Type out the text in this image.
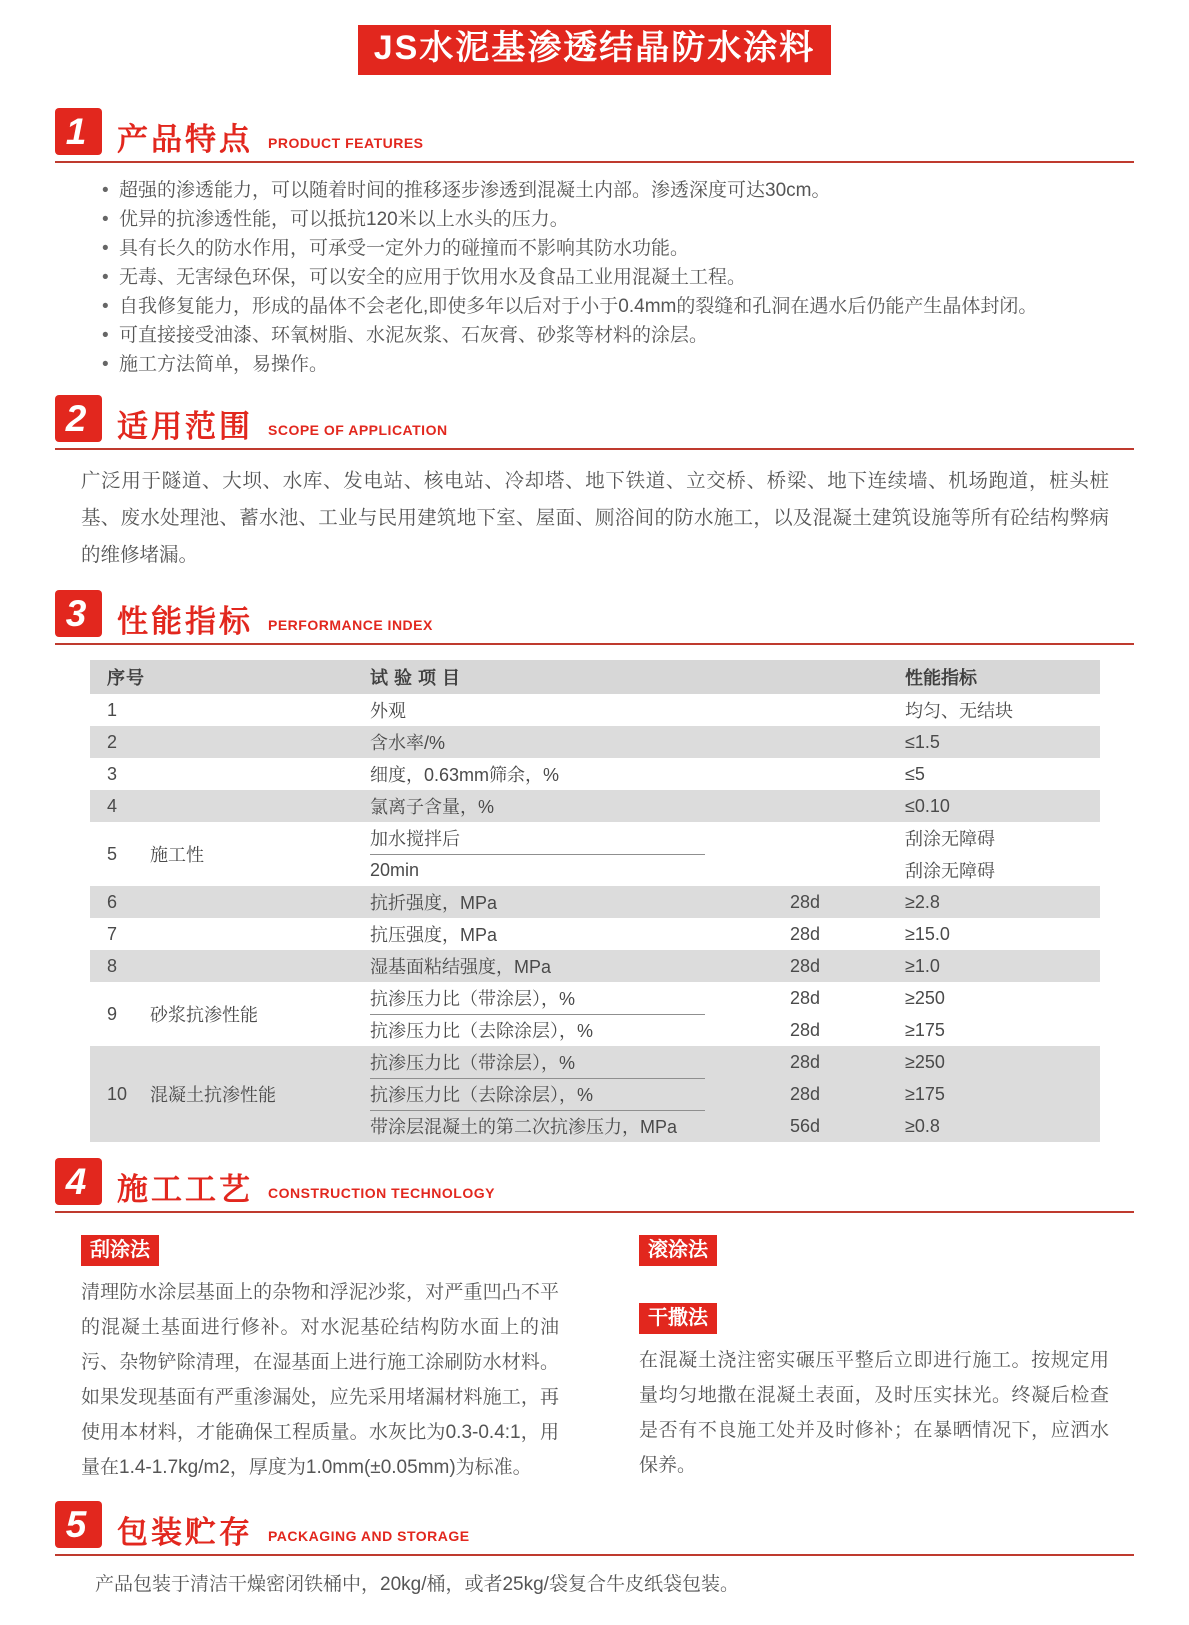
JS水泥基渗透结晶防水涂料
1 产品特点 PRODUCT FEATURES
• 超强的渗透能力，可以随着时间的推移逐步渗透到混凝土内部。渗透深度可达30cm。
• 优异的抗渗透性能，可以抵抗120米以上水头的压力。
• 具有长久的防水作用，可承受一定外力的碰撞而不影响其防水功能。
• 无毒、无害绿色环保，可以安全的应用于饮用水及食品工业用混凝土工程。
• 自我修复能力，形成的晶体不会老化,即使多年以后对于小于0.4mm的裂缝和孔洞在遇水后仍能产生晶体封闭。
• 可直接接受油漆、环氧树脂、水泥灰浆、石灰膏、砂浆等材料的涂层。
• 施工方法简单，易操作。
2 适用范围 SCOPE OF APPLICATION

广泛用于隧道、大坝、水库、发电站、核电站、冷却塔、地下铁道、立交桥、桥梁、地下连续墙、机场跑道，桩头桩基、废水处理池、蓄水池、工业与民用建筑地下室、屋面、厕浴间的防水施工，以及混凝土建筑设施等所有砼结构弊病的维修堵漏。

3 性能指标 PERFORMANCE INDEX
序号	试验项目	性能指标
1	外观	均匀、无结块
2	含水率/%	≤1.5
3	细度，0.63mm筛余，%	≤5
4	氯离子含量，%	≤0.10
5	施工性
加水搅拌后	刮涂无障碍
20min	刮涂无障碍
6	抗折强度，MPa	28d	≥2.8
7	抗压强度，MPa	28d	≥15.0
8	湿基面粘结强度，MPa	28d	≥1.0
9	砂浆抗渗性能
抗渗压力比（带涂层），%	28d	≥250
抗渗压力比（去除涂层），%	28d	≥175
10	混凝土抗渗性能
抗渗压力比（带涂层），%	28d	≥250
抗渗压力比（去除涂层），%	28d	≥175
带涂层混凝土的第二次抗渗压力，MPa	56d	≥0.8
4 施工工艺 CONSTRUCTION TECHNOLOGY
刮涂法

清理防水涂层基面上的杂物和浮泥沙浆，对严重凹凸不平的混凝土基面进行修补。对水泥基砼结构防水面上的油污、杂物铲除清理，在湿基面上进行施工涂刷防水材料。如果发现基面有严重渗漏处，应先采用堵漏材料施工，再使用本材料，才能确保工程质量。水灰比为0.3-0.4:1，用量在1.4-1.7kg/m2，厚度为1.0mm(±0.05mm)为标准。

滚涂法
干撒法

在混凝土浇注密实碾压平整后立即进行施工。按规定用量均匀地撒在混凝土表面，及时压实抹光。终凝后检查是否有不良施工处并及时修补；在暴晒情况下，应洒水保养。

5 包装贮存 PACKAGING AND STORAGE

产品包装于清洁干燥密闭铁桶中，20kg/桶，或者25kg/袋复合牛皮纸袋包装。
